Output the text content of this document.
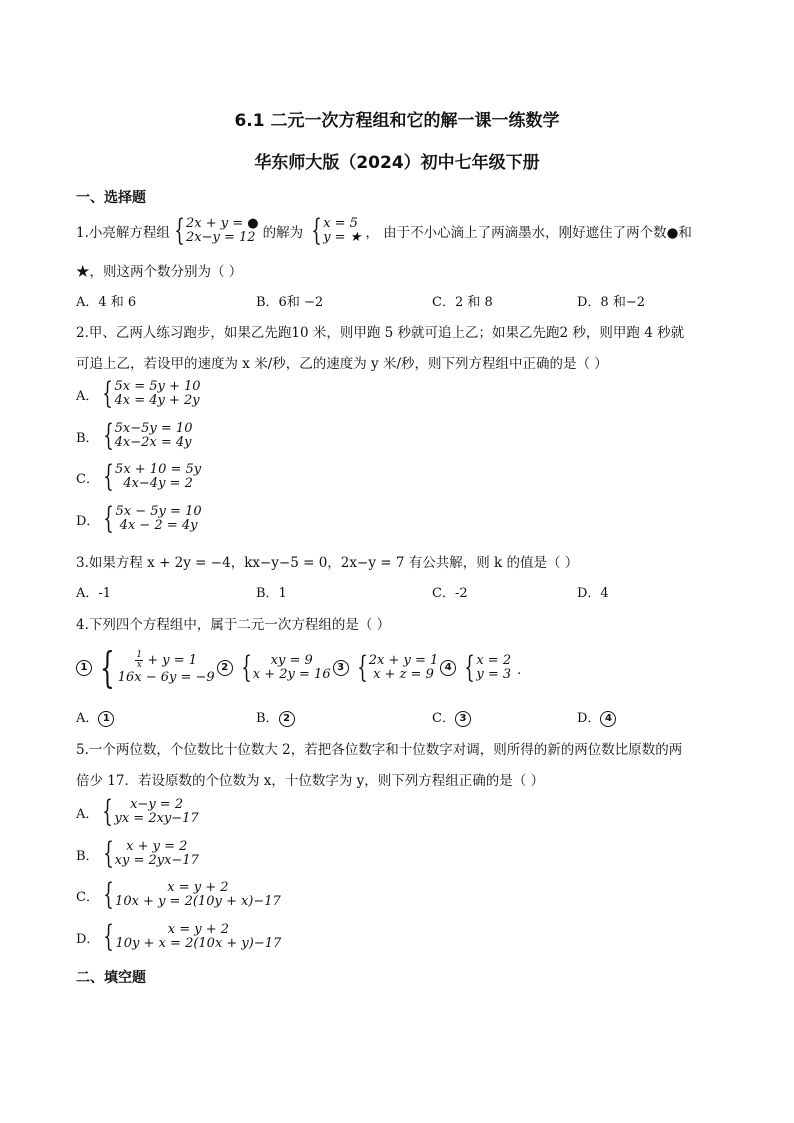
6.1 二元一次方程组和它的解一课一练数学
华东师大版（2024）初中七年级下册
一、选择题
1.小亮解方程组 { 2x + y = ●
2x−y = 12 的解为 { x = 5
y = ★ ， 由于不小心滴上了两滴墨水，刚好遮住了两个数●和
★，则这两个数分别为（ ）
A．4 和 6	B．6和 −2	C．2 和 8	D．8 和−2
2.甲、乙两人练习跑步，如果乙先跑10 米，则甲跑 5 秒就可追上乙；如果乙先跑2 秒，则甲跑 4 秒就
可追上乙，若设甲的速度为 x 米/秒，乙的速度为 y 米/秒，则下列方程组中正确的是（ ）
A． { 5x = 5y + 10
4x = 4y + 2y
B． { 5x−5y = 10
4x−2x = 4y
C． { 5x + 10 = 5y
4x−4y = 2
D． { 5x − 5y = 10
4x − 2 = 4y
3.如果方程 x + 2y = −4，kx−y−5 = 0，2x−y = 7 有公共解，则 k 的值是（ ）
A．-1	B．1	C．-2	D．4
4.下列四个方程组中，属于二元一次方程组的是（ ）
1 { $\frac{1}{x} + y = 1$
16x − 6y = −9
2 { xy = 9
x + 2y = 16 3 { 2x + y = 1
x + z = 9	4 { x = 2
y = 3 ．
A． 1	B． 2	C． 3	D． 4
5.一个两位数，个位数比十位数大 2，若把各位数字和十位数字对调，则所得的新的两位数比原数的两
倍少 17．若设原数的个位数为 x，十位数字为 y，则下列方程组正确的是（ ）
A． { x−y = 2
yx = 2xy−17
B． { x + y = 2
xy = 2yx−17
C． {	x = y + 2
10x + y = 2(10y + x)−17
D． {	x = y + 2
10y + x = 2(10x + y)−17
二、填空题
